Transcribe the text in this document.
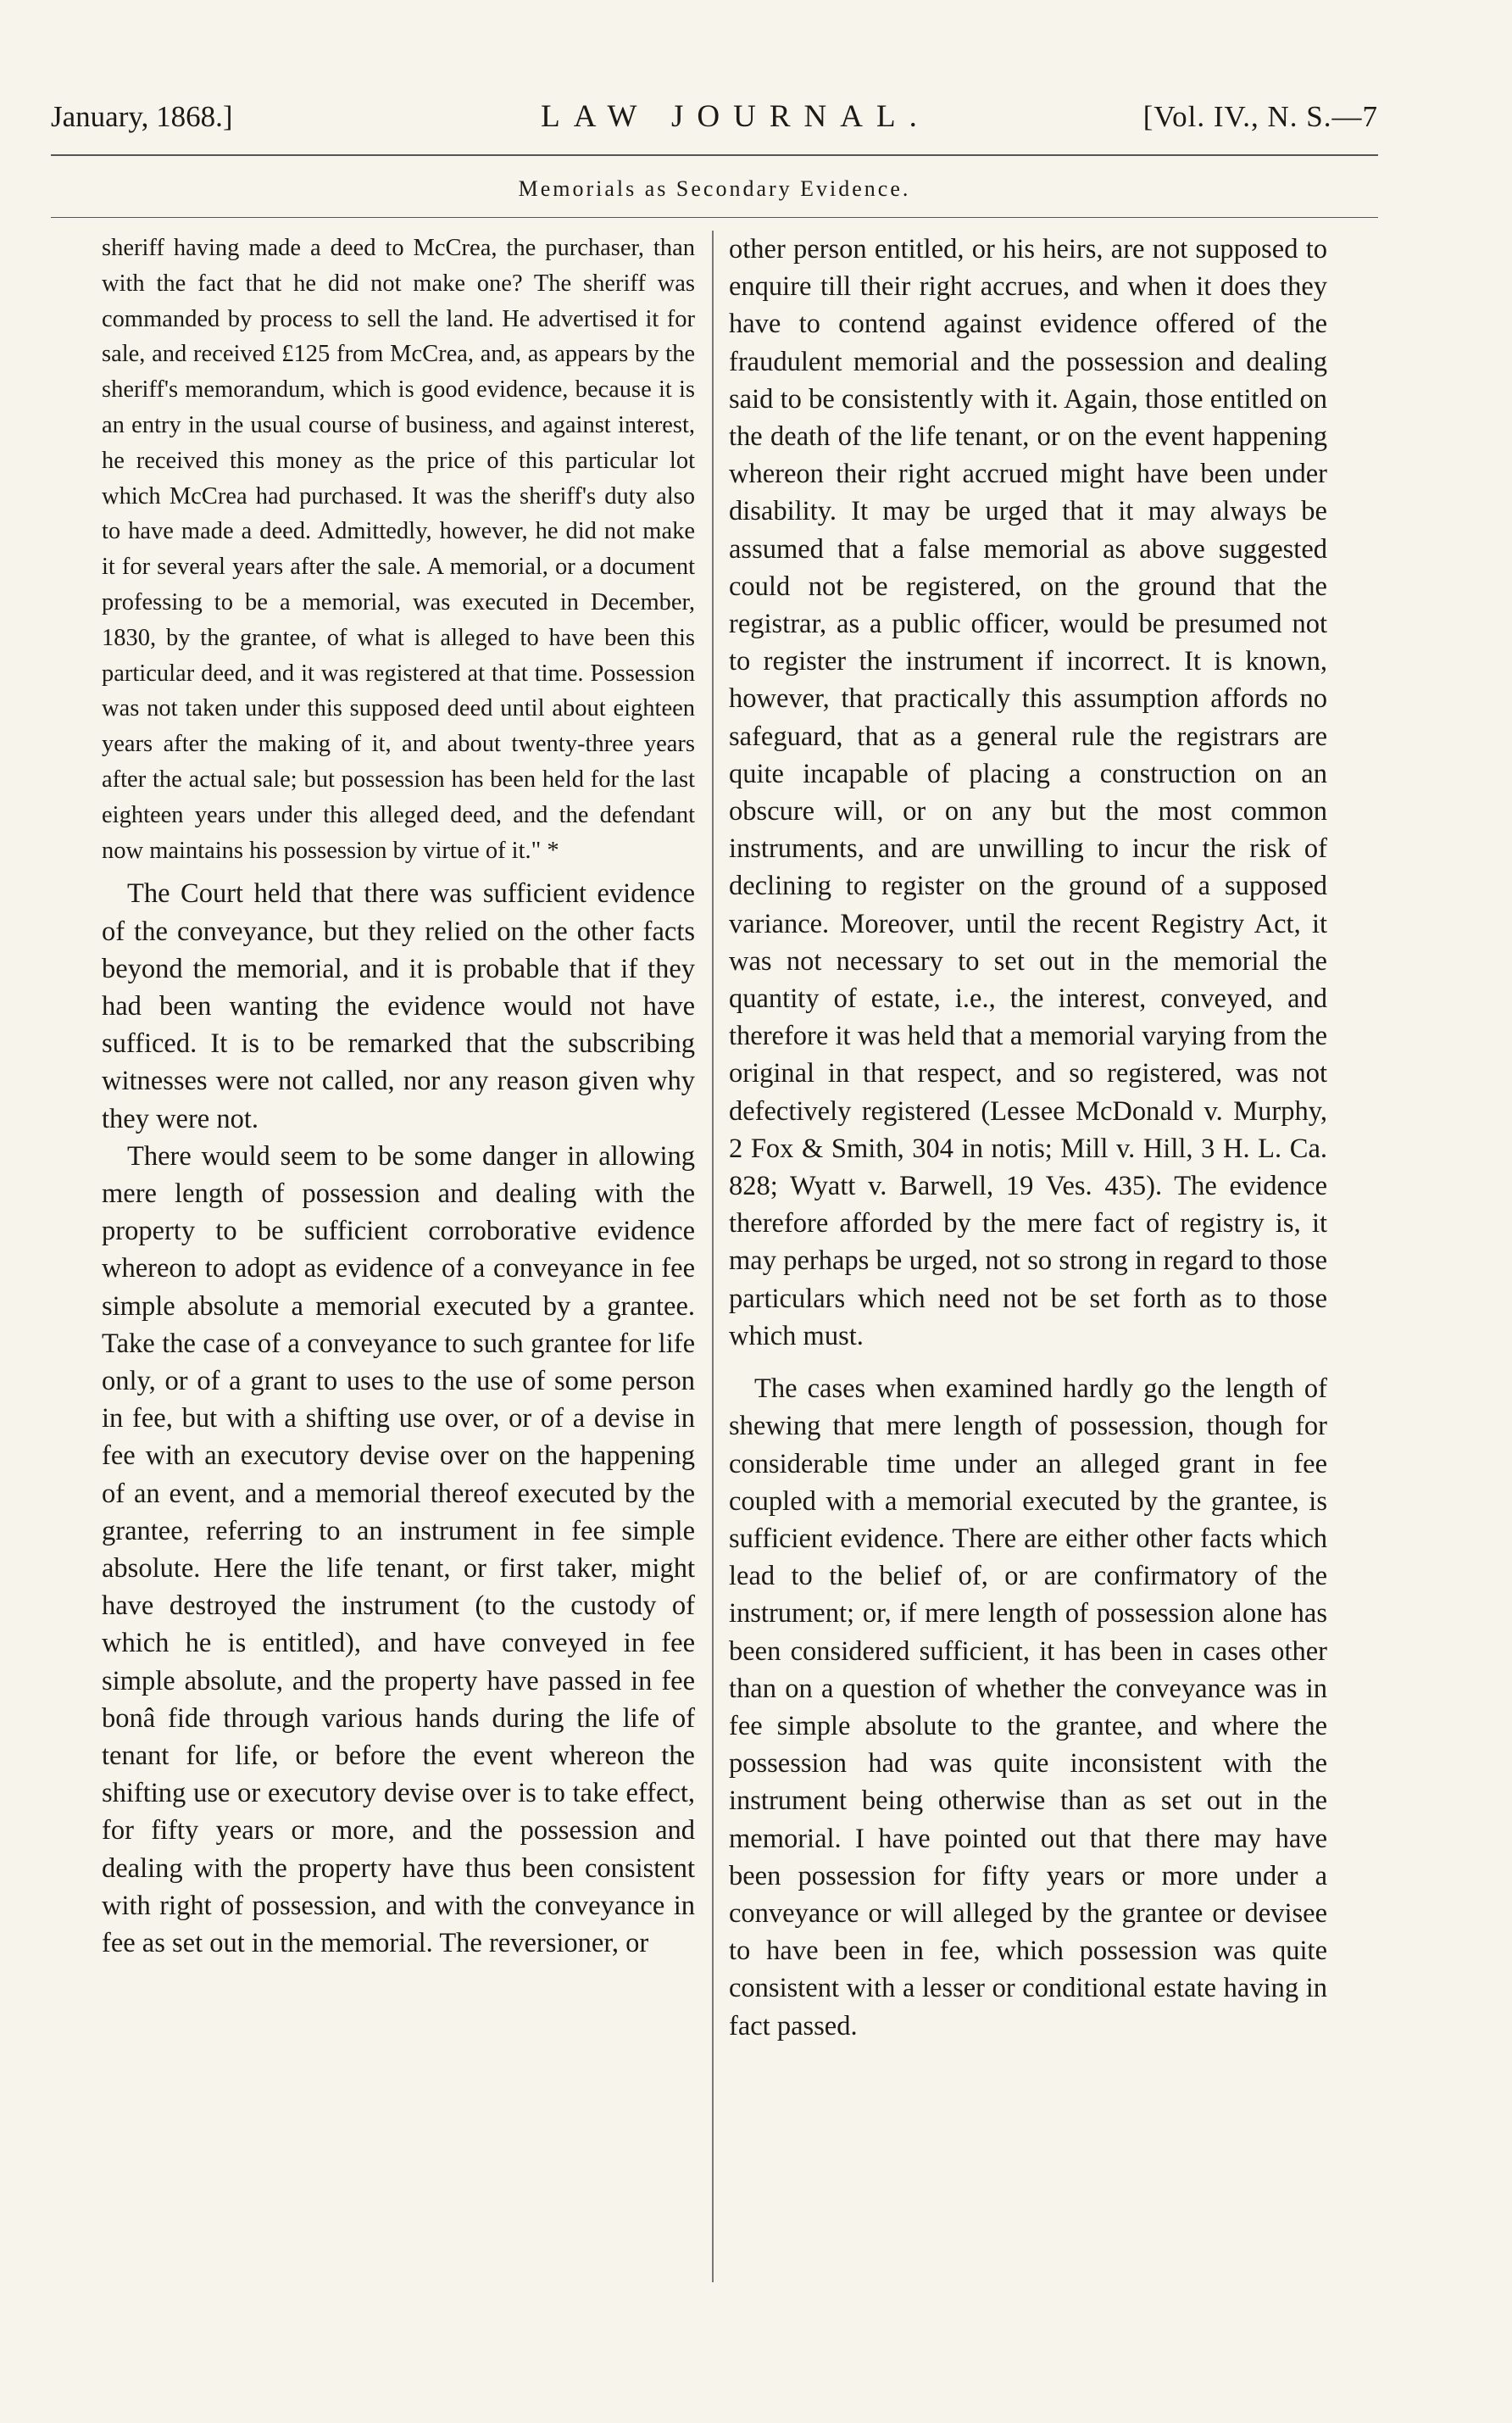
January, 1868.]	LAW JOURNAL.	[Vol. IV., N. S.—7
Memorials as Secondary Evidence.

sheriff having made a deed to McCrea, the purchaser, than with the fact that he did not make one? The sheriff was commanded by process to sell the land. He advertised it for sale, and received £125 from McCrea, and, as appears by the sheriff's memorandum, which is good evidence, because it is an entry in the usual course of business, and against interest, he received this money as the price of this particular lot which McCrea had purchased. It was the sheriff's duty also to have made a deed. Admittedly, however, he did not make it for several years after the sale. A memorial, or a document professing to be a memorial, was executed in December, 1830, by the grantee, of what is alleged to have been this particular deed, and it was registered at that time. Possession was not taken under this supposed deed until about eighteen years after the making of it, and about twenty-three years after the actual sale; but possession has been held for the last eighteen years under this alleged deed, and the defendant now maintains his possession by virtue of it." *

The Court held that there was sufficient evidence of the conveyance, but they relied on the other facts beyond the memorial, and it is probable that if they had been wanting the evidence would not have sufficed. It is to be remarked that the subscribing witnesses were not called, nor any reason given why they were not.

There would seem to be some danger in allowing mere length of possession and dealing with the property to be sufficient corroborative evidence whereon to adopt as evidence of a conveyance in fee simple absolute a memorial executed by a grantee. Take the case of a conveyance to such grantee for life only, or of a grant to uses to the use of some person in fee, but with a shifting use over, or of a devise in fee with an executory devise over on the happening of an event, and a memorial thereof executed by the grantee, referring to an instrument in fee simple absolute. Here the life tenant, or first taker, might have destroyed the instrument (to the custody of which he is entitled), and have conveyed in fee simple absolute, and the property have passed in fee bonâ fide through various hands during the life of tenant for life, or before the event whereon the shifting use or executory devise over is to take effect, for fifty years or more, and the possession and dealing with the property have thus been consistent with right of possession, and with the conveyance in fee as set out in the memorial. The reversioner, or

other person entitled, or his heirs, are not supposed to enquire till their right accrues, and when it does they have to contend against evidence offered of the fraudulent memorial and the possession and dealing said to be consistently with it. Again, those entitled on the death of the life tenant, or on the event happening whereon their right accrued might have been under disability. It may be urged that it may always be assumed that a false memorial as above suggested could not be registered, on the ground that the registrar, as a public officer, would be presumed not to register the instrument if incorrect. It is known, however, that practically this assumption affords no safeguard, that as a general rule the registrars are quite incapable of placing a construction on an obscure will, or on any but the most common instruments, and are unwilling to incur the risk of declining to register on the ground of a supposed variance. Moreover, until the recent Registry Act, it was not necessary to set out in the memorial the quantity of estate, i.e., the interest, conveyed, and therefore it was held that a memorial varying from the original in that respect, and so registered, was not defectively registered (Lessee McDonald v. Murphy, 2 Fox & Smith, 304 in notis; Mill v. Hill, 3 H. L. Ca. 828; Wyatt v. Barwell, 19 Ves. 435). The evidence therefore afforded by the mere fact of registry is, it may perhaps be urged, not so strong in regard to those particulars which need not be set forth as to those which must.

The cases when examined hardly go the length of shewing that mere length of possession, though for considerable time under an alleged grant in fee coupled with a memorial executed by the grantee, is sufficient evidence. There are either other facts which lead to the belief of, or are confirmatory of the instrument; or, if mere length of possession alone has been considered sufficient, it has been in cases other than on a question of whether the conveyance was in fee simple absolute to the grantee, and where the possession had was quite inconsistent with the instrument being otherwise than as set out in the memorial. I have pointed out that there may have been possession for fifty years or more under a conveyance or will alleged by the grantee or devisee to have been in fee, which possession was quite consistent with a lesser or conditional estate having in fact passed.
